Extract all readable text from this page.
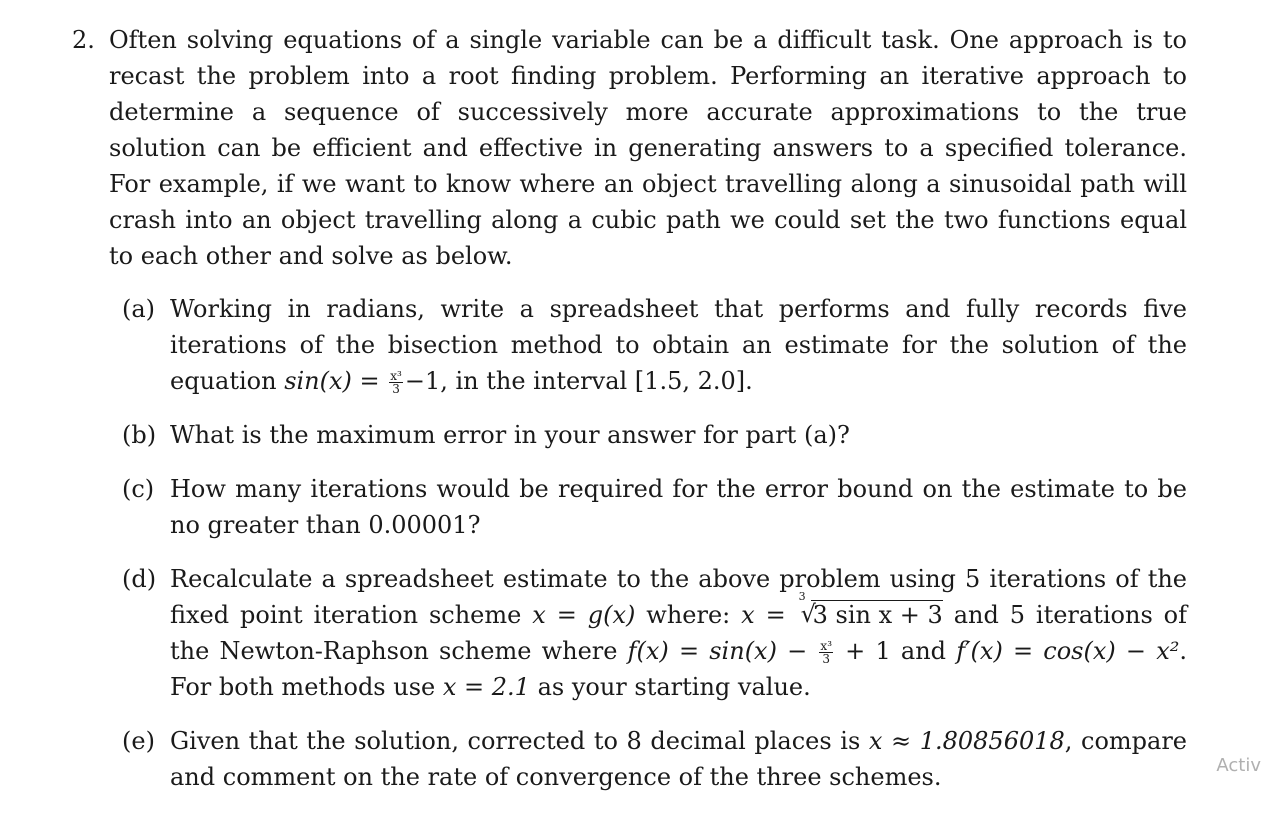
2. Often solving equations of a single variable can be a difficult task. One approach is to recast the problem into a root finding problem. Performing an iterative approach to determine a sequence of successively more accurate approximations to the true solution can be efficient and effective in generating answers to a specified tolerance. For example, if we want to know where an object travelling along a sinusoidal path will crash into an object travelling along a cubic path we could set the two functions equal to each other and solve as below.
(a) Working in radians, write a spreadsheet that performs and fully records five iterations of the bisection method to obtain an estimate for the solution of the equation $\sin(x) = \frac{\text{x³}}{3} -1$, in the interval [1.5, 2.0].
(b) What is the maximum error in your answer for part (a)?
(c) How many iterations would be required for the error bound on the estimate to be no greater than 0.00001?
(d) Recalculate a spreadsheet estimate to the above problem using 5 iterations of the fixed point iteration scheme x = g(x) where: x =
3
√
3 sin x + 3 and 5 iterations of the Newton-Raphson scheme where $f(x) = \sin(x) - \frac{\text{x³}}{3} + 1$ and f′(x) = cos(x) − x². For both methods use x = 2.1 as your starting value.
(e) Given that the solution, corrected to 8 decimal places is x ≈ 1.80856018, compare and comment on the rate of convergence of the three schemes.	Activ
